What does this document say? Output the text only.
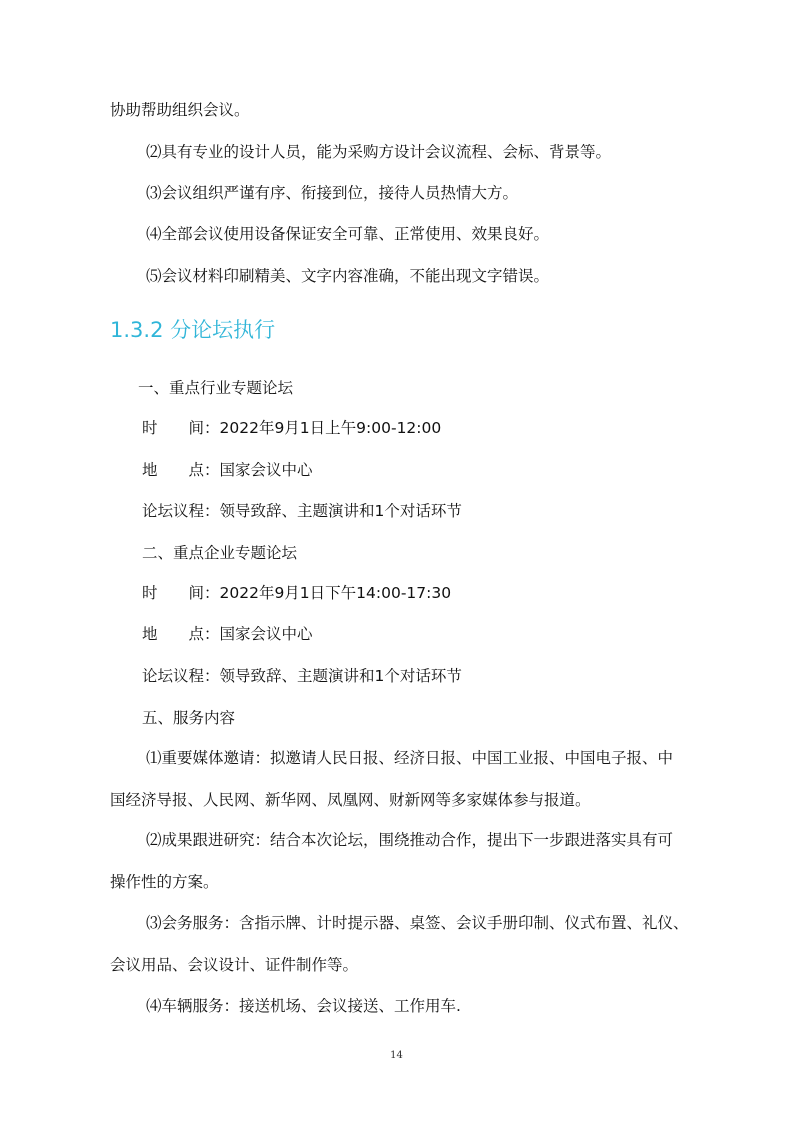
协助帮助组织会议。
⑵具有专业的设计人员，能为采购方设计会议流程、会标、背景等。
⑶会议组织严谨有序、衔接到位，接待人员热情大方。
⑷全部会议使用设备保证安全可靠、正常使用、效果良好。
⑸会议材料印刷精美、文字内容准确，不能出现文字错误。
1.3.2 分论坛执行
一、重点行业专题论坛
时　　间：2022年9月1日上午9:00-12:00
地　　点：国家会议中心
论坛议程：领导致辞、主题演讲和1个对话环节
二、重点企业专题论坛
时　　间：2022年9月1日下午14:00-17:30
地　　点：国家会议中心
论坛议程：领导致辞、主题演讲和1个对话环节
五、服务内容
⑴重要媒体邀请：拟邀请人民日报、经济日报、中国工业报、中国电子报、中
国经济导报、人民网、新华网、凤凰网、财新网等多家媒体参与报道。
⑵成果跟进研究：结合本次论坛，围绕推动合作，提出下一步跟进落实具有可
操作性的方案。
⑶会务服务：含指示牌、计时提示器、桌签、会议手册印制、仪式布置、礼仪、
会议用品、会议设计、证件制作等。
⑷车辆服务：接送机场、会议接送、工作用车.
14
